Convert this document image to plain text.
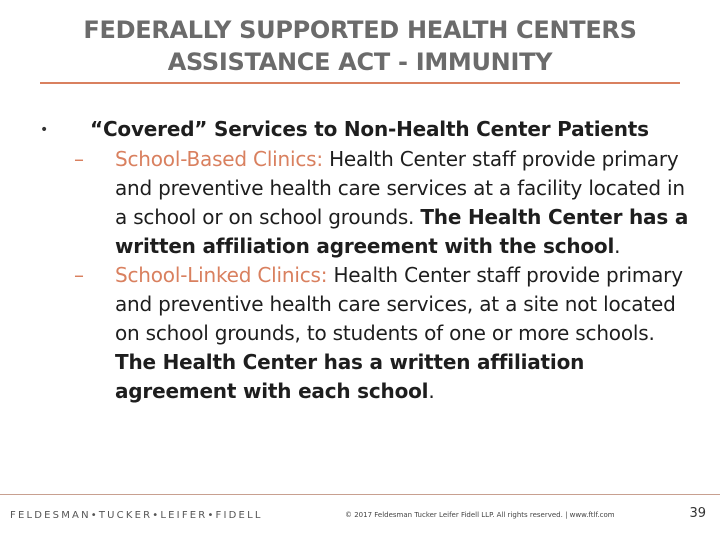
FEDERALLY SUPPORTED HEALTH CENTERS
ASSISTANCE ACT - IMMUNITY

• “Covered” Services to Non-Health Center Patients

– School-Based Clinics: Health Center staff provide primary and preventive health care services at a facility located in a school or on school grounds. The Health Center has a written affiliation agreement with the school.

– School-Linked Clinics: Health Center staff provide primary and preventive health care services, at a site not located on school grounds, to students of one or more schools. The Health Center has a written affiliation agreement with each school.

FELDESMAN•TUCKER•LEIFER•FIDELL	© 2017 Feldesman Tucker Leifer Fidell LLP. All rights reserved. | www.ftlf.com	39
